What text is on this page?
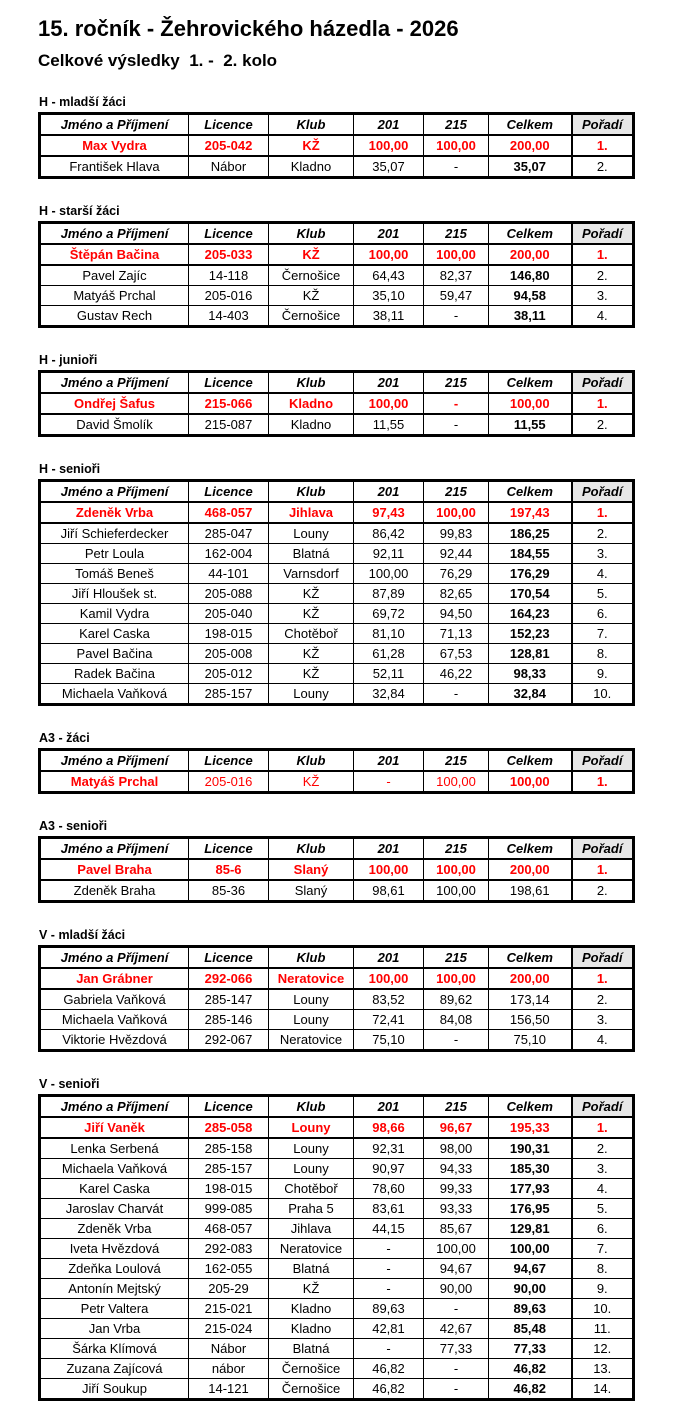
15. ročník - Žehrovického házedla - 2026
Celkové výsledky  1. -  2. kolo
H - mladší žáci
Jméno a Příjmení	Licence	Klub	201	215	Celkem	Pořadí
Max Vydra	205-042	KŽ	100,00	100,00	200,00	1.
František Hlava	Nábor	Kladno	35,07	-	35,07	2.
H - starší žáci
Jméno a Příjmení	Licence	Klub	201	215	Celkem	Pořadí
Štěpán Bačina	205-033	KŽ	100,00	100,00	200,00	1.
Pavel Zajíc	14-118	Černošice	64,43	82,37	146,80	2.
Matyáš Prchal	205-016	KŽ	35,10	59,47	94,58	3.
Gustav Rech	14-403	Černošice	38,11	-	38,11	4.
H - junioři
Jméno a Příjmení	Licence	Klub	201	215	Celkem	Pořadí
Ondřej Šafus	215-066	Kladno	100,00	-	100,00	1.
David Šmolík	215-087	Kladno	11,55	-	11,55	2.
H - senioři
Jméno a Příjmení	Licence	Klub	201	215	Celkem	Pořadí
Zdeněk Vrba	468-057	Jihlava	97,43	100,00	197,43	1.
Jiří Schieferdecker	285-047	Louny	86,42	99,83	186,25	2.
Petr Loula	162-004	Blatná	92,11	92,44	184,55	3.
Tomáš Beneš	44-101	Varnsdorf	100,00	76,29	176,29	4.
Jiří Hloušek st.	205-088	KŽ	87,89	82,65	170,54	5.
Kamil Vydra	205-040	KŽ	69,72	94,50	164,23	6.
Karel Caska	198-015	Chotěboř	81,10	71,13	152,23	7.
Pavel Bačina	205-008	KŽ	61,28	67,53	128,81	8.
Radek Bačina	205-012	KŽ	52,11	46,22	98,33	9.
Michaela Vaňková	285-157	Louny	32,84	-	32,84	10.
A3 - žáci
Jméno a Příjmení	Licence	Klub	201	215	Celkem	Pořadí
Matyáš Prchal	205-016	KŽ	-	100,00	100,00	1.
A3 - senioři
Jméno a Příjmení	Licence	Klub	201	215	Celkem	Pořadí
Pavel Braha	85-6	Slaný	100,00	100,00	200,00	1.
Zdeněk Braha	85-36	Slaný	98,61	100,00	198,61	2.
V - mladší žáci
Jméno a Příjmení	Licence	Klub	201	215	Celkem	Pořadí
Jan Grábner	292-066	Neratovice	100,00	100,00	200,00	1.
Gabriela Vaňková	285-147	Louny	83,52	89,62	173,14	2.
Michaela Vaňková	285-146	Louny	72,41	84,08	156,50	3.
Viktorie Hvězdová	292-067	Neratovice	75,10	-	75,10	4.
V - senioři
Jméno a Příjmení	Licence	Klub	201	215	Celkem	Pořadí
Jiří Vaněk	285-058	Louny	98,66	96,67	195,33	1.
Lenka Serbená	285-158	Louny	92,31	98,00	190,31	2.
Michaela Vaňková	285-157	Louny	90,97	94,33	185,30	3.
Karel Caska	198-015	Chotěboř	78,60	99,33	177,93	4.
Jaroslav Charvát	999-085	Praha 5	83,61	93,33	176,95	5.
Zdeněk Vrba	468-057	Jihlava	44,15	85,67	129,81	6.
Iveta Hvězdová	292-083	Neratovice	-	100,00	100,00	7.
Zdeňka Loulová	162-055	Blatná	-	94,67	94,67	8.
Antonín Mejtský	205-29	KŽ	-	90,00	90,00	9.
Petr Valtera	215-021	Kladno	89,63	-	89,63	10.
Jan Vrba	215-024	Kladno	42,81	42,67	85,48	11.
Šárka Klímová	Nábor	Blatná	-	77,33	77,33	12.
Zuzana Zajícová	nábor	Černošice	46,82	-	46,82	13.
Jiří Soukup	14-121	Černošice	46,82	-	46,82	14.
